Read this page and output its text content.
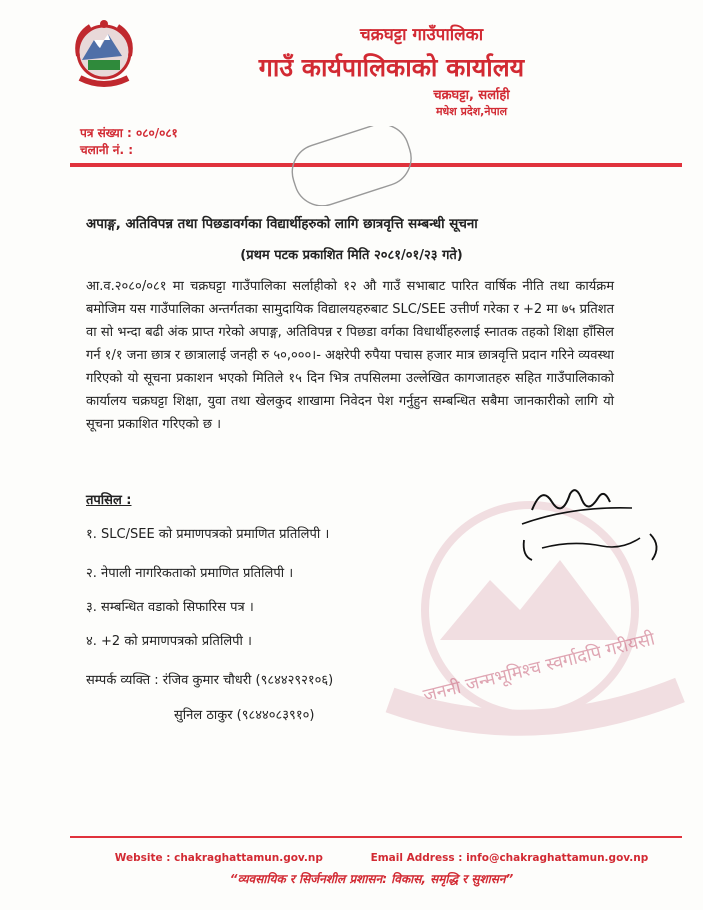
चक्रघट्टा गाउँपालिका
गाउँ कार्यपालिकाको कार्यालय
चक्रघट्टा, सर्लाही
मधेश प्रदेश,नेपाल
पत्र संख्या : ०८०/०८१
चलानी नं. :
अपाङ्ग, अतिविपन्न तथा पिछडावर्गका विद्यार्थीहरुको लागि छात्रवृत्ति सम्बन्धी सूचना
(प्रथम पटक प्रकाशित मिति २०८१/०१/२३ गते)
जननी जन्मभूमिश्च स्वर्गादपि गरीयसी
आ.व.२०८०/०८१ मा चक्रघट्टा गाउँपालिका सर्लाहीको १२ औ गाउँ सभाबाट पारित वार्षिक नीति तथा कार्यक्रम बमोजिम यस गाउँपालिका अन्तर्गतका सामुदायिक विद्यालयहरुबाट SLC/SEE उत्तीर्ण गरेका र +2 मा ७५ प्रतिशत वा सो भन्दा बढी अंक प्राप्त गरेको अपाङ्ग, अतिविपन्न र पिछडा वर्गका विधार्थीहरुलाई स्नातक तहको शिक्षा हाँसिल गर्न १/१ जना छात्र र छात्रालाई जनही रु ५०,०००।- अक्षरेपी रुपैया पचास हजार मात्र छात्रवृत्ति प्रदान गरिने व्यवस्था गरिएको यो सूचना प्रकाशन भएको मितिले १५ दिन भित्र तपसिलमा उल्लेखित कागजातहरु सहित गाउँपालिकाको कार्यालय चक्रघट्टा शिक्षा, युवा तथा खेलकुद शाखामा निवेदन पेश गर्नुहुन सम्बन्धित सबैमा जानकारीको लागि यो सूचना प्रकाशित गरिएको छ ।
तपसिल :
१. SLC/SEE को प्रमाणपत्रको प्रमाणित प्रतिलिपी ।
२. नेपाली नागरिकताको प्रमाणित प्रतिलिपी ।
३. सम्बन्धित वडाको सिफारिस पत्र ।
४. +2 को प्रमाणपत्रको प्रतिलिपी ।
सम्पर्क व्यक्ति : रंजिव कुमार चौधरी (९८४४२९२१०६)
सुनिल ठाकुर (९८४४०८३९१०)
Website : chakraghattamun.gov.np	Email Address : info@chakraghattamun.gov.np
“व्यवसायिक र सिर्जनशील प्रशासन: विकास, समृद्धि र सुशासन”
